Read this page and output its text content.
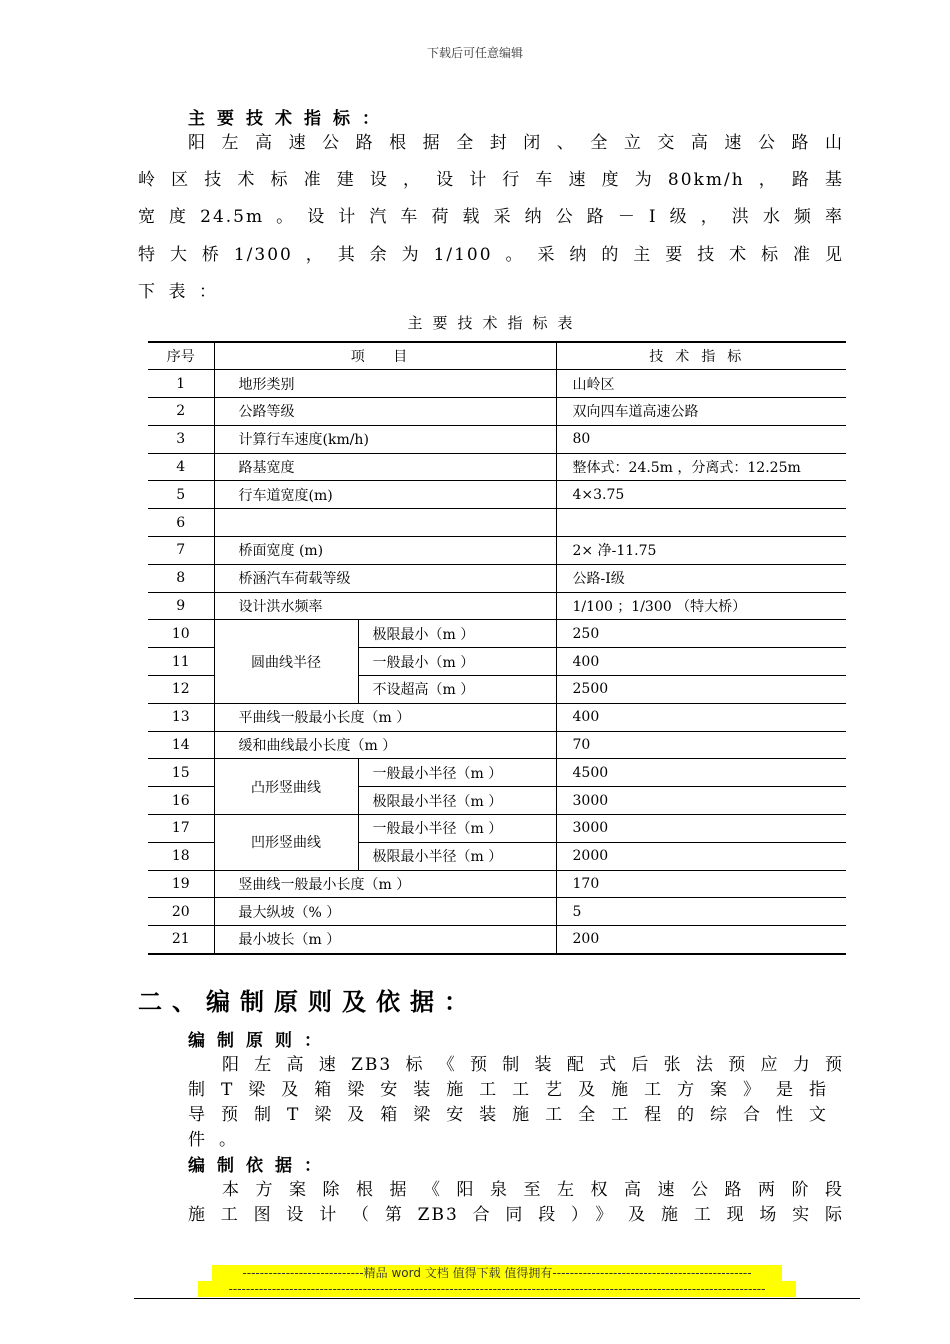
下载后可任意编辑
主要技术指标：
阳左高速公路根据全封闭、全立交高速公路山
岭区技术标准建设，设计行车速度为80km/h，路基
宽度24.5m。设计汽车荷载采纳公路－Ⅰ级，洪水频率
特大桥1/300，其余为1/100。采纳的主要技术标准见
下表：
主要技术指标表
序号	项 目		技术指标
1	地形类别		山岭区
2	公路等级		双向四车道高速公路
3	计算行车速度(km/h)		80
4	路基宽度		整体式：24.5m ，分离式：12.25m
5	行车道宽度(m)		4×3.75
6			
7	桥面宽度 (m)		2× 净-11.75
8	桥涵汽车荷载等级		公路-I级
9	设计洪水频率		1/100 ；1/300 （特大桥）
10	圆曲线半径	极限最小（m ）	250
11		一般最小（m ）	400
12		不设超高（m ）	2500
13	平曲线一般最小长度（m ）		400
14	缓和曲线最小长度（m ）		70
15	凸形竖曲线	一般最小半径（m ）	4500
16		极限最小半径（m ）	3000
17	凹形竖曲线	一般最小半径（m ）	3000
18		极限最小半径（m ）	2000
19	竖曲线一般最小长度（m ）		170
20	最大纵坡（% ）		5
21	最小坡长（m ）		200
二、编制原则及依据：
编制原则：
阳左高速ZB3标《预制装配式后张法预应力预
制T梁及箱梁安装施工工艺及施工方案》是指
导预制T梁及箱梁安装施工全工程的综合性文
件。
编制依据：
本方案除根据《阳泉至左权高速公路两阶段
施工图设计（第ZB3合同段）》及施工现场实际
----------------------------精品 word 文档 值得下载 值得拥有----------------------------------------------
----------------------------------------------------------------------------------------------------------------------------
